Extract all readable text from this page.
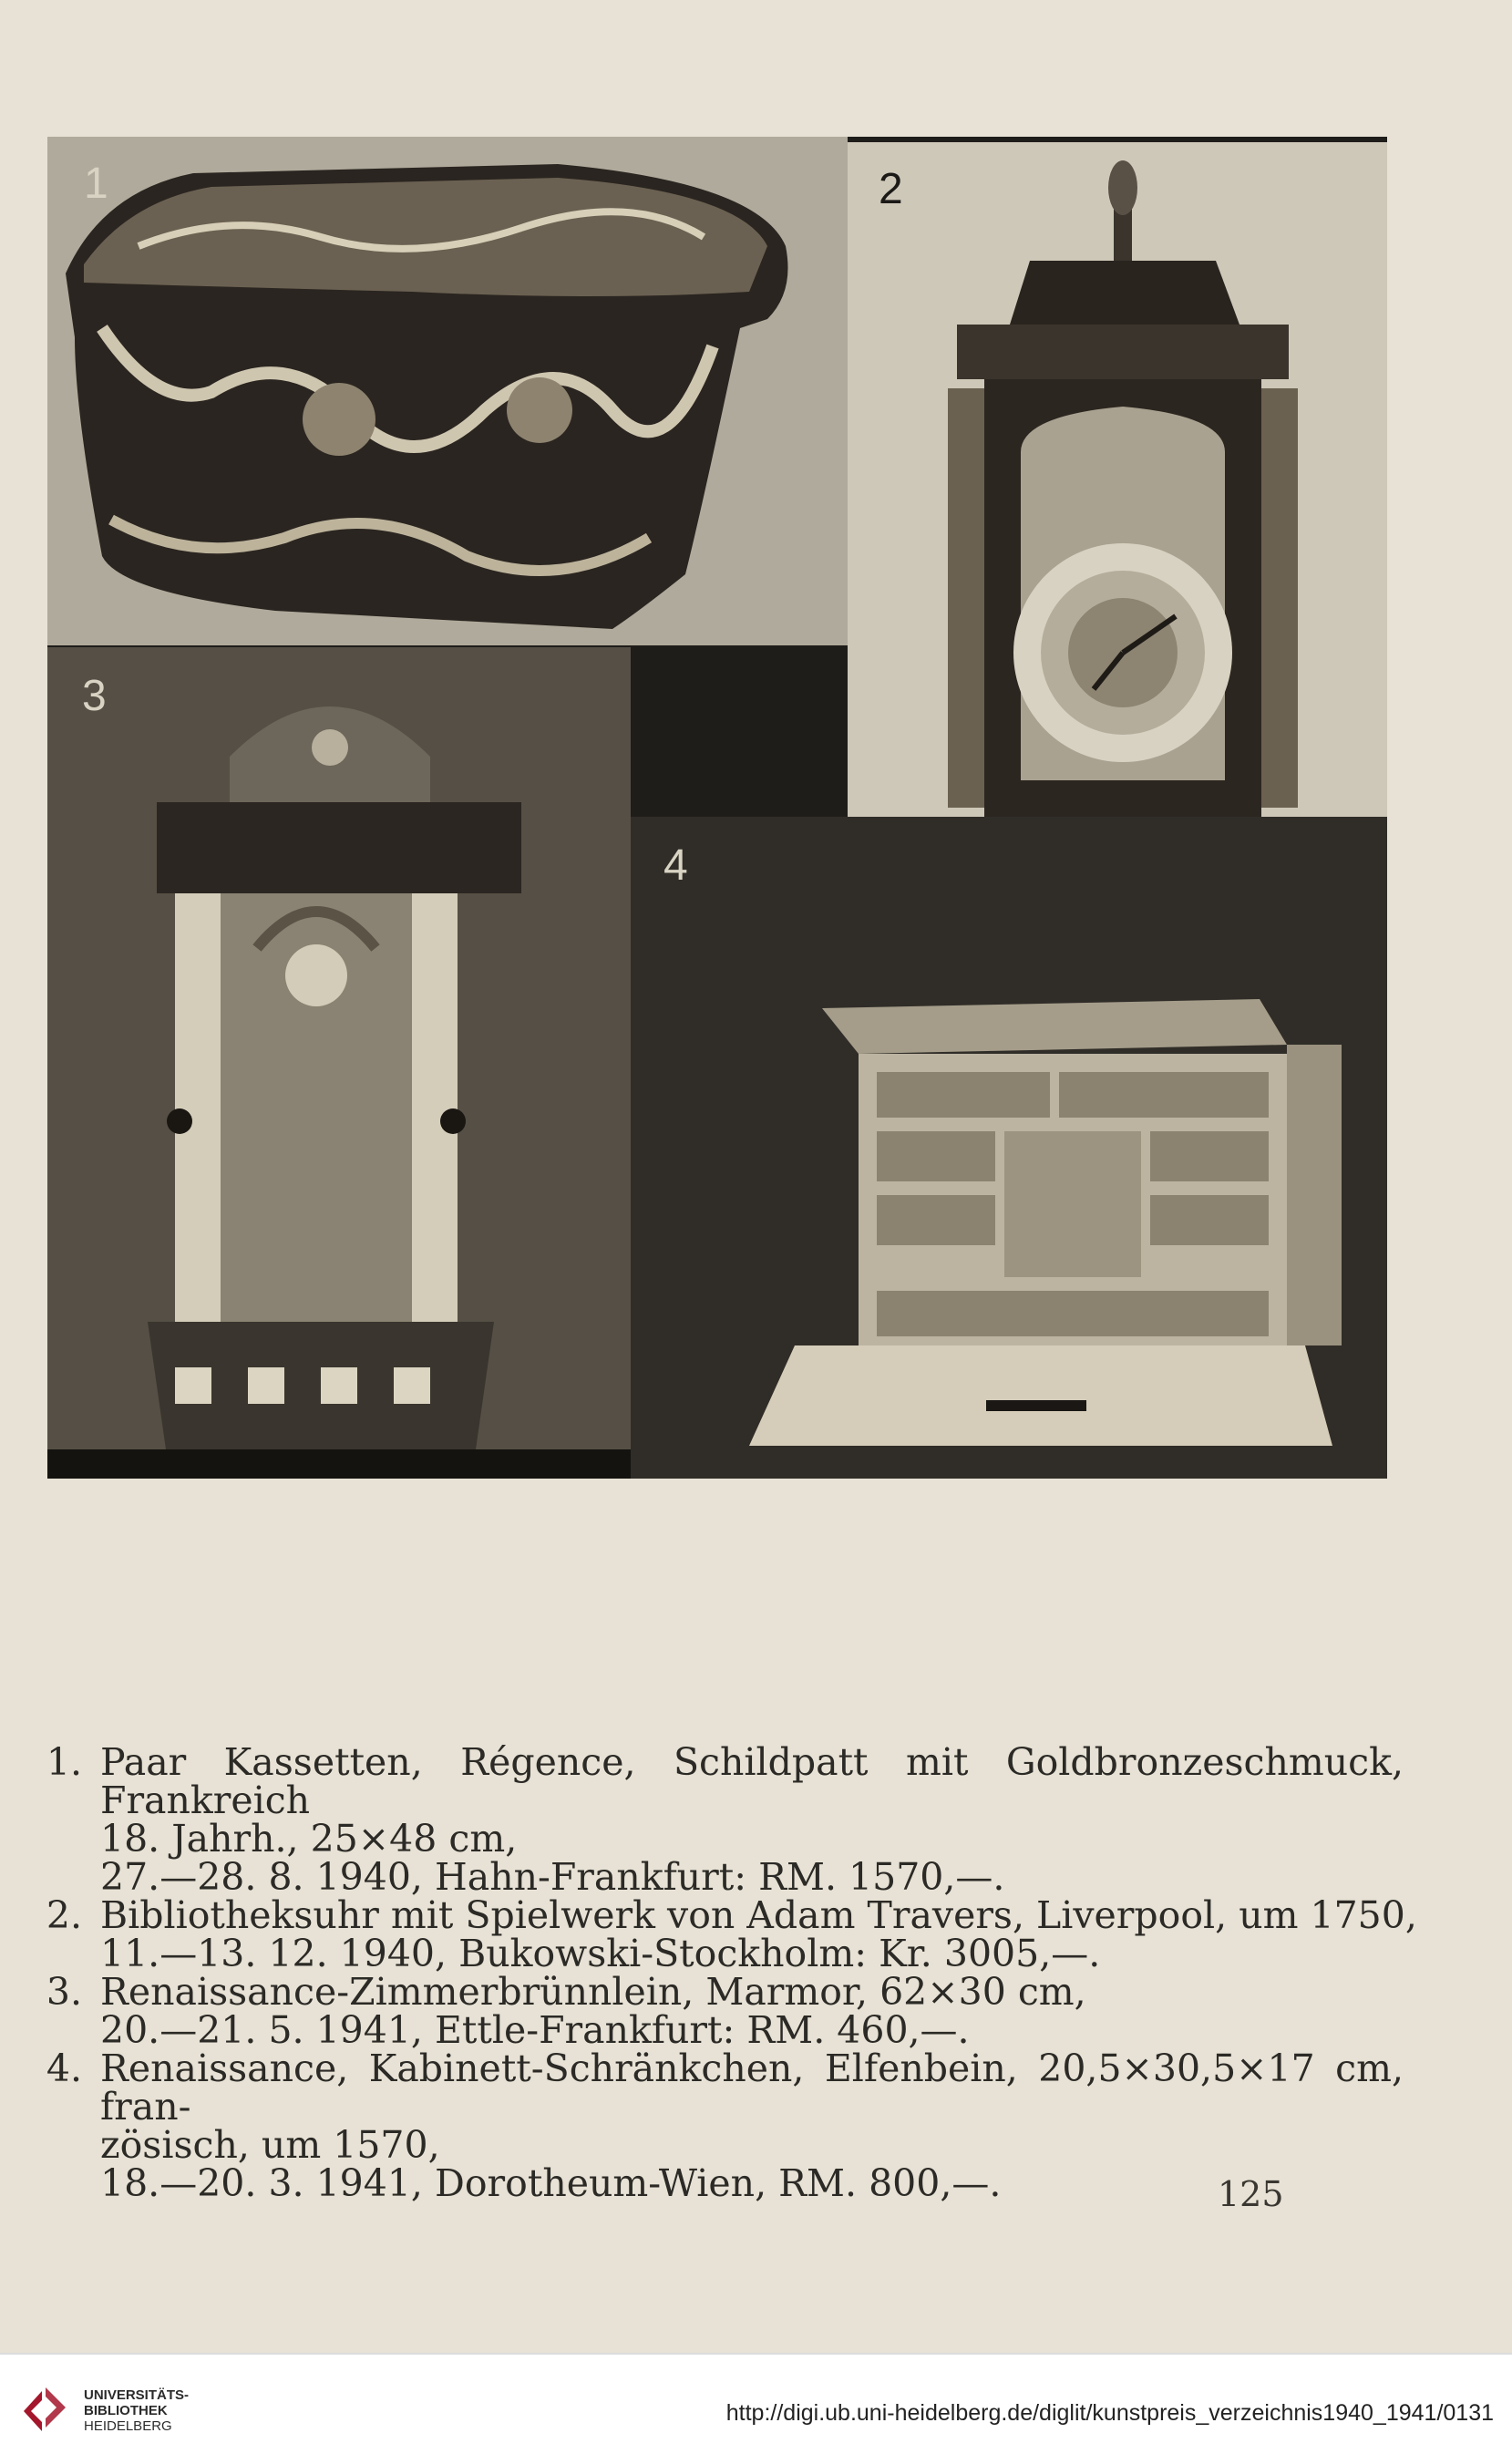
1	2
3
4
1. Paar Kassetten, Régence, Schildpatt mit Goldbronzeschmuck, Frankreich
18. Jahrh., 25×48 cm,
27.—28. 8. 1940, Hahn-Frankfurt: RM. 1570,—.
2. Bibliotheksuhr mit Spielwerk von Adam Travers, Liverpool, um 1750,
11.—13. 12. 1940, Bukowski-Stockholm: Kr. 3005,—.
3. Renaissance-Zimmerbrünnlein, Marmor, 62×30 cm,
20.—21. 5. 1941, Ettle-Frankfurt: RM. 460,—.
4. Renaissance, Kabinett-Schränkchen, Elfenbein, 20,5×30,5×17 cm, fran-
zösisch, um 1570,
18.—20. 3. 1941, Dorotheum-Wien, RM. 800,—.	125
UNIVERSITÄTS-
BIBLIOTHEK
HEIDELBERG
http://digi.ub.uni-heidelberg.de/diglit/kunstpreis_verzeichnis1940_1941/0131
